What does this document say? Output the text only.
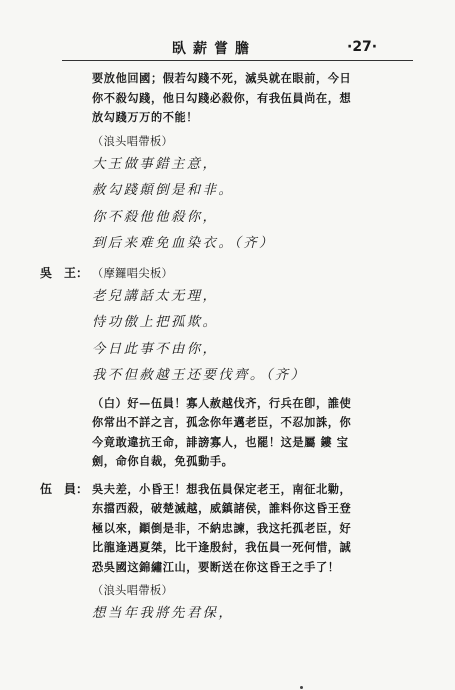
臥薪嘗膽	·27·

要放他回國；假若勾踐不死，滅吳就在眼前，今日
你不殺勾踐，他日勾踐必殺你，有我伍員尚在，想
放勾踐万万的不能！

（浪头唱帶板）

大王做事錯主意，

赦勾踐顛倒是和非。

你不殺他他殺你，

到后来难免血染衣。（齐）

吳　王： （摩鑼唱尖板）

老兒講話太无理，

恃功傲上把孤欺。

今日此事不由你，

我不但赦越王还要伐齊。（齐）

（白）好—伍員！寡人赦越伐齐，行兵在卽，誰使
你常出不詳之言，孤念你年邁老臣，不忍加誅，你
今竟敢違抗王命，誹謗寡人，也罷！这是屬 鏤 宝
劍，命你自裁，免孤動手。

伍　員： 吳夫差，小昏王！想我伍員保定老王，南征北勦，
东擋西殺，破楚滅越，威鎮諸侯，誰料你这昏王登
極以來，顚倒是非，不納忠諫，我这托孤老臣，好
比龍逢遇夏桀，比干逢殷紂，我伍員一死何惜，誠
恐吳國这錦繡江山，要断送在你这昏王之手了！

（浪头唱帶板）

想当年我將先君保，
